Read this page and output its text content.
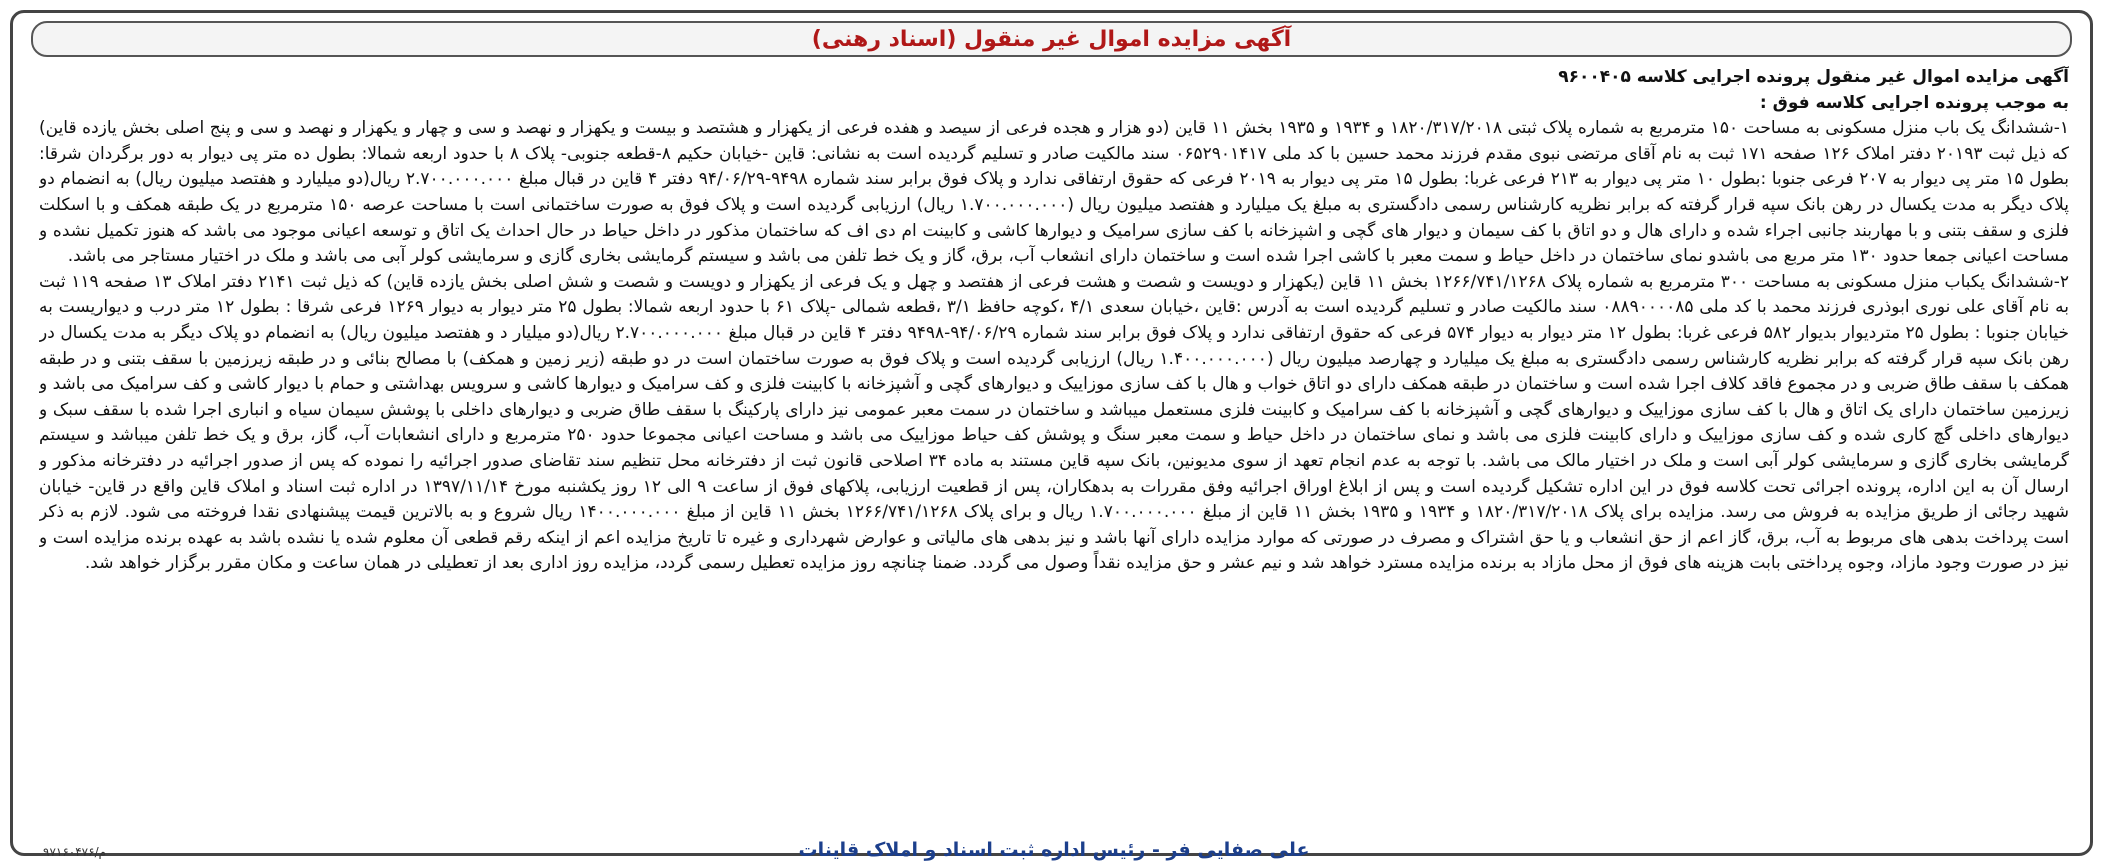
آگهی مزایده اموال غیر منقول (اسناد رهنی)

آگهی مزایده اموال غیر منقول پرونده اجرایی کلاسه ۹۶۰۰۴۰۵

به موجب پرونده اجرایی کلاسه فوق :

۱-ششدانگ یک باب منزل مسکونی به مساحت ۱۵۰ مترمربع به شماره پلاک ثبتی ۱۸۲۰/۳۱۷/۲۰۱۸ و ۱۹۳۴ و ۱۹۳۵ بخش ۱۱ قاین (دو هزار و هجده فرعی از سیصد و هفده فرعی از یکهزار و هشتصد و بیست و یکهزار و نهصد و سی و چهار و یکهزار و نهصد و سی و پنج اصلی بخش یازده قاین) که ذیل ثبت ۲۰۱۹۳ دفتر املاک ۱۲۶ صفحه ۱۷۱ ثبت به نام آقای مرتضی نبوی مقدم فرزند محمد حسین با کد ملی ۰۶۵۲۹۰۱۴۱۷ سند مالکیت صادر و تسلیم گردیده است به نشانی: قاین -خیابان حکیم ۸-قطعه جنوبی- پلاک ۸ با حدود اربعه شمالا: بطول ده متر پی دیوار به دور برگردان شرقا: بطول ۱۵ متر پی دیوار به ۲۰۷ فرعی جنوبا :بطول ۱۰ متر پی دیوار به ۲۱۳ فرعی غربا: بطول ۱۵ متر پی دیوار به ۲۰۱۹ فرعی که حقوق ارتفاقی ندارد و پلاک فوق برابر سند شماره ۹۴۹۸-۹۴/۰۶/۲۹ دفتر ۴ قاین در قبال مبلغ ۲.۷۰۰.۰۰۰.۰۰۰ ریال(دو میلیارد و هفتصد میلیون ریال) به انضمام دو پلاک دیگر به مدت یکسال در رهن بانک سپه قرار گرفته که برابر نظریه کارشناس رسمی دادگستری به مبلغ یک میلیارد و هفتصد میلیون ریال (۱.۷۰۰.۰۰۰.۰۰۰ ریال) ارزیابی گردیده است و پلاک فوق به صورت ساختمانی است با مساحت عرصه ۱۵۰ مترمربع در یک طبقه همکف و با اسکلت فلزی و سقف بتنی و با مهاربند جانبی اجراء شده و دارای هال و دو اتاق با کف سیمان و دیوار های گچی و اشپزخانه با کف سازی سرامیک و دیوارها کاشی و کابینت ام دی اف که ساختمان مذکور در داخل حیاط در حال احداث یک اتاق و توسعه اعیانی موجود می باشد که هنوز تکمیل نشده و مساحت اعیانی جمعا حدود ۱۳۰ متر مربع می باشدو نمای ساختمان در داخل حیاط و سمت معبر با کاشی اجرا شده است و ساختمان دارای انشعاب آب، برق، گاز و یک خط تلفن می باشد و سیستم گرمایشی بخاری گازی و سرمایشی کولر آبی می باشد و ملک در اختیار مستاجر می باشد.

۲-ششدانگ یکباب منزل مسکونی به مساحت ۳۰۰ مترمربع به شماره پلاک ۱۲۶۶/۷۴۱/۱۲۶۸ بخش ۱۱ قاین (یکهزار و دویست و شصت و هشت فرعی از هفتصد و چهل و یک فرعی از یکهزار و دویست و شصت و شش اصلی بخش یازده قاین) که ذیل ثبت ۲۱۴۱ دفتر املاک ۱۳ صفحه ۱۱۹ ثبت به نام آقای علی نوری ابوذری فرزند محمد با کد ملی ۰۸۸۹۰۰۰۰۸۵ سند مالکیت صادر و تسلیم گردیده است به آدرس :قاین ،خیابان سعدی ۴/۱ ،کوچه حافظ ۳/۱ ،قطعه شمالی -پلاک ۶۱ با حدود اربعه شمالا: بطول ۲۵ متر دیوار به دیوار ۱۲۶۹ فرعی شرقا : بطول ۱۲ متر درب و دیواریست به خیابان جنوبا : بطول ۲۵ متردیوار بدیوار ۵۸۲ فرعی غربا: بطول ۱۲ متر دیوار به دیوار ۵۷۴ فرعی که حقوق ارتفاقی ندارد و پلاک فوق برابر سند شماره ۹۴/۰۶/۲۹-۹۴۹۸ دفتر ۴ قاین در قبال مبلغ ۲.۷۰۰.۰۰۰.۰۰۰ ریال(دو میلیار د و هفتصد میلیون ریال) به انضمام دو پلاک دیگر به مدت یکسال در رهن بانک سپه قرار گرفته که برابر نظریه کارشناس رسمی دادگستری به مبلغ یک میلیارد و چهارصد میلیون ریال (۱.۴۰۰.۰۰۰.۰۰۰ ریال) ارزیابی گردیده است و پلاک فوق به صورت ساختمان است در دو طبقه (زیر زمین و همکف) با مصالح بنائی و در طبقه زیرزمین با سقف بتنی و در طبقه همکف با سقف طاق ضربی و در مجموع فاقد کلاف اجرا شده است و ساختمان در طبقه همکف دارای دو اتاق خواب و هال با کف سازی موزاییک و دیوارهای گچی و آشپزخانه با کابینت فلزی و کف سرامیک و دیوارها کاشی و سرویس بهداشتی و حمام با دیوار کاشی و کف سرامیک می باشد و زیرزمین ساختمان دارای یک اتاق و هال با کف سازی موزاییک و دیوارهای گچی و آشپزخانه با کف سرامیک و کابینت فلزی مستعمل میباشد و ساختمان در سمت معبر عمومی نیز دارای پارکینگ با سقف طاق ضربی و دیوارهای داخلی با پوشش سیمان سیاه و انباری اجرا شده با سقف سبک و دیوارهای داخلی گچ کاری شده و کف سازی موزاییک و دارای کابینت فلزی می باشد و نمای ساختمان در داخل حیاط و سمت معبر سنگ و پوشش کف حیاط موزاییک می باشد و مساحت اعیانی مجموعا حدود ۲۵۰ مترمربع و دارای انشعابات آب، گاز، برق و یک خط تلفن میباشد و سیستم گرمایشی بخاری گازی و سرمایشی کولر آبی است و ملک در اختیار مالک می باشد. با توجه به عدم انجام تعهد از سوی مدیونین، بانک سپه قاین مستند به ماده ۳۴ اصلاحی قانون ثبت از دفترخانه محل تنظیم سند تقاضای صدور اجرائیه را نموده که پس از صدور اجرائیه در دفترخانه مذکور و ارسال آن به این اداره، پرونده اجرائی تحت کلاسه فوق در این اداره تشکیل گردیده است و پس از ابلاغ اوراق اجرائیه وفق مقررات به بدهکاران، پس از قطعیت ارزیابی، پلاکهای فوق از ساعت ۹ الی ۱۲ روز یکشنبه مورخ ۱۳۹۷/۱۱/۱۴ در اداره ثبت اسناد و املاک قاین واقع در قاین- خیابان شهید رجائی از طریق مزایده به فروش می رسد. مزایده برای پلاک ۱۸۲۰/۳۱۷/۲۰۱۸ و ۱۹۳۴ و ۱۹۳۵ بخش ۱۱ قاین از مبلغ ۱.۷۰۰.۰۰۰.۰۰۰ ریال و برای پلاک ۱۲۶۶/۷۴۱/۱۲۶۸ بخش ۱۱ قاین از مبلغ ۱۴۰۰.۰۰۰.۰۰۰ ریال شروع و به بالاترین قیمت پیشنهادی نقدا فروخته می شود. لازم به ذکر است پرداخت بدهی های مربوط به آب، برق، گاز اعم از حق انشعاب و یا حق اشتراک و مصرف در صورتی که موارد مزایده دارای آنها باشد و نیز بدهی های مالیاتی و عوارض شهرداری و غیره تا تاریخ مزایده اعم از اینکه رقم قطعی آن معلوم شده یا نشده باشد به عهده برنده مزایده است و نیز در صورت وجود مازاد، وجوه پرداختی بابت هزینه های فوق از محل مازاد به برنده مزایده مسترد خواهد شد و نیم عشر و حق مزایده نقداً وصول می گردد. ضمنا چنانچه روز مزایده تعطیل رسمی گردد، مزایده روز اداری بعد از تعطیلی در همان ساعت و مکان مقرر برگزار خواهد شد.

علی صفایی فر - رئیس اداره ثبت اسناد و املاک قاینات
م/۹۷۱۶۰۴۷۶
